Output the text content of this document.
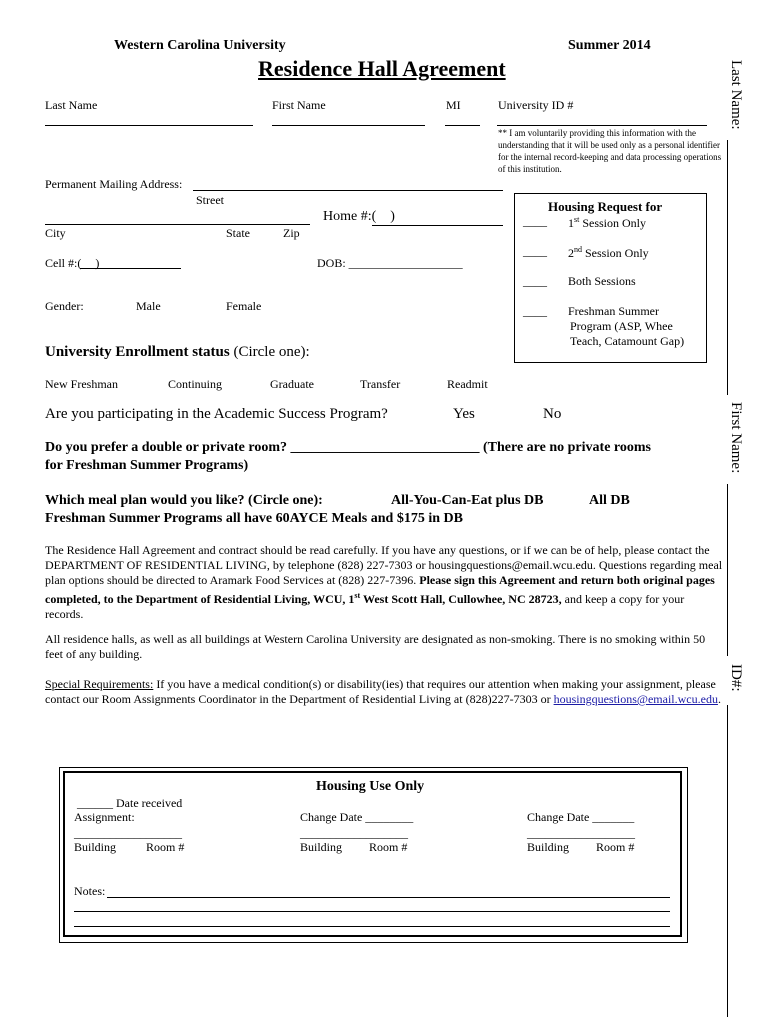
Western Carolina University	Summer 2014
Residence Hall Agreement	Last Name:
First Name:
ID#:
Last Name	First Name	MI	University ID #
** I am voluntarily providing this information with the understanding that it will be used only as a personal identifier for the internal record-keeping and data processing operations of this institution.
Permanent Mailing Address:
Street
Home #:( )
City	State	Zip
Cell #:( )	DOB: ___________________
Gender:	Male	Female
Housing Request for
____ 1st Session Only
____ 2nd Session Only
____ Both Sessions
____ Freshman Summer
Program (ASP, Whee
Teach, Catamount Gap)
University Enrollment status (Circle one):
New Freshman	Continuing	Graduate	Transfer	Readmit
Are you participating in the Academic Success Program?	Yes	No
Do you prefer a double or private room? ___________________________ (There are no private rooms
for Freshman Summer Programs)
Which meal plan would you like? (Circle one):	All-You-Can-Eat plus DB	All DB
Freshman Summer Programs all have 60AYCE Meals and $175 in DB
The Residence Hall Agreement and contract should be read carefully. If you have any questions, or if we can be of help, please contact the DEPARTMENT OF RESIDENTIAL LIVING, by telephone (828) 227-7303 or housingquestions@email.wcu.edu. Questions regarding meal plan options should be directed to Aramark Food Services at (828) 227-7396. Please sign this Agreement and return both original pages completed, to the Department of Residential Living, WCU, 1st West Scott Hall, Cullowhee, NC 28723, and keep a copy for your records.
All residence halls, as well as all buildings at Western Carolina University are designated as non-smoking. There is no smoking within 50 feet of any building.
Special Requirements: If you have a medical condition(s) or disability(ies) that requires our attention when making your assignment, please contact our Room Assignments Coordinator in the Department of Residential Living at (828)227-7303 or housingquestions@email.wcu.edu.
Housing Use Only
______ Date received
Assignment:	Change Date ________	Change Date _______
__________________	__________________	__________________
Building Room #	Building Room #	Building Room #
Notes:
